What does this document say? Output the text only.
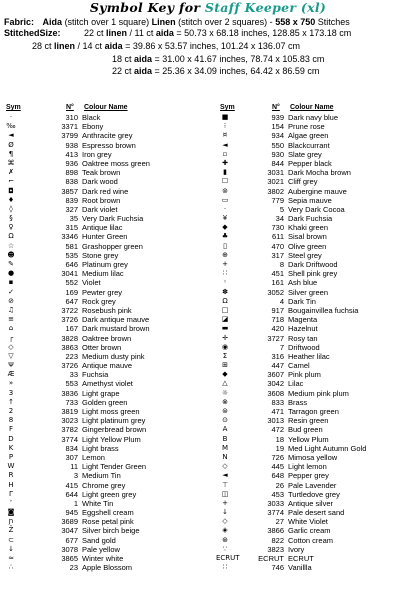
Symbol Key for Staff Keeper (xl)
Fabric: Aida (stitch over 1 square) Linen (stitch over 2 squares) - 558 x 750 Stitches
StitchedSize:	22 ct linen / 11 ct aida = 50.73 x 68.18 inches, 128.85 x 173.18 cm
28 ct linen / 14 ct aida = 39.86 x 53.57 inches, 101.24 x 136.07 cm
18 ct aida = 31.00 x 41.67 inches, 78.74 x 105.83 cm
22 ct aida = 25.36 x 34.09 inches, 64.42 x 86.59 cm
Sym	N° Colour Name	Sym	N° Colour Name
·	310 Black
‰	3371 Ebony
◄	3799 Anthracite grey
Ø	938 Espresso brown
¶	413 Iron grey
⌘	936 Oaktree moss green
✗	898 Teak brown
⌐	838 Dark wood
◘	3857 Dark red wine
♦	839 Root brown
◊	327 Dark violet
§	35 Very Dark Fuchsia
♀	315 Antique lilac
Ω	3346 Hunter Green
☆	581 Grashopper green
☻	535 Stone grey
✎	646 Platinum grey
●	3041 Medium lilac
▪	552 Violet
✓	169 Pewter grey
⊘	647 Rock grey
♫	3722 Rosebush pink
≡	3726 Dark antique mauve
⌂	167 Dark mustard brown
┌	3828 Oaktree brown
◇	3863 Otter brown
▽	223 Medium dusty pink
Ψ	3726 Antique mauve
Æ	33 Fuchsia
»	553 Amethyst violet
3	3836 Light grape
↑	733 Golden green
2	3819 Light moss green
8	3023 Light platinum grey
F	3782 Gingerbread brown
D	3774 Light Yellow Plum
K	834 Light brass
P	307 Lemon
W	11 Light Tender Green
R	3 Medium Tin
H	415 Chrome grey
Γ	644 Light green grey
ʼ	1 White Tin
◙	945 Eggshell cream
ɲ	3689 Rose petal pink
Ž	3047 Silver birch beige
⊂	677 Sand gold
↓	3078 Pale yellow
≈	3865 Winter white
∴	23 Apple Blossom
■	939 Dark navy blue
⁝	154 Prune rose
¤	934 Algae green
◄	550 Blackcurrant
▫	930 Slate grey
✚	844 Pepper black
▮	3031 Dark Mocha brown
☐	3021 Cliff grey
⊚	3802 Aubergine mauve
▭	779 Sepia mauve
·	5 Very Dark Cocoa
¥	34 Dark Fuchsia
◆	730 Khaki green
♣	611 Sisal brown
▯	470 Olive green
⊕	317 Steel grey
+	8 Dark Driftwood
∷	451 Shell pink grey
◦	161 Ash blue
✽	3052 Silver green
Ω	4 Dark Tin
□	917 Bougainvillea fuchsia
◪	718 Magenta
▬	420 Hazelnut
✛	3727 Rosy tan
◉	7 Driftwood
Σ	316 Heather lilac
⊞	447 Camel
◆	3607 Pink plum
△	3042 Lilac
☼	3608 Medium pink plum
⊗	833 Brass
⊜	471 Tarragon green
⊙	3013 Resin green
A	472 Bud green
B	18 Yellow Plum
M	19 Med Light Autumn Gold
N	726 Mimosa yellow
◇	445 Light lemon
◄	648 Pepper grey
⊤	26 Pale Lavender
◫	453 Turtledove grey
+	3033 Antique silver
↓	3774 Pale desert sand
◇	27 White Violet
◈	3866 Garlic cream
⊛	822 Cotton cream
∵	3823 Ivory
ECRUT	ECRUT ECRUT
∷	746 Vanillla
